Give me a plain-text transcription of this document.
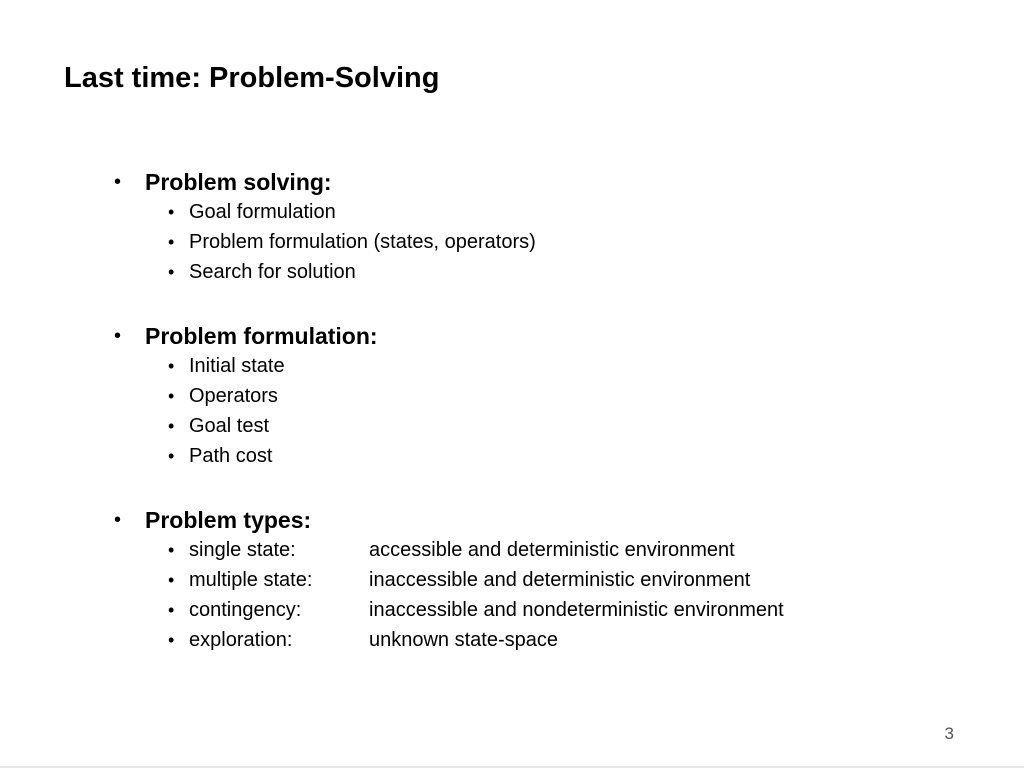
Last time: Problem-Solving
• Problem solving:
• Goal formulation
• Problem formulation (states, operators)
• Search for solution
• Problem formulation:
• Initial state
• Operators
• Goal test
• Path cost
• Problem types:
• single state:	accessible and deterministic environment
• multiple state:	inaccessible and deterministic environment
• contingency:	inaccessible and nondeterministic environment
• exploration:	unknown state-space
3
